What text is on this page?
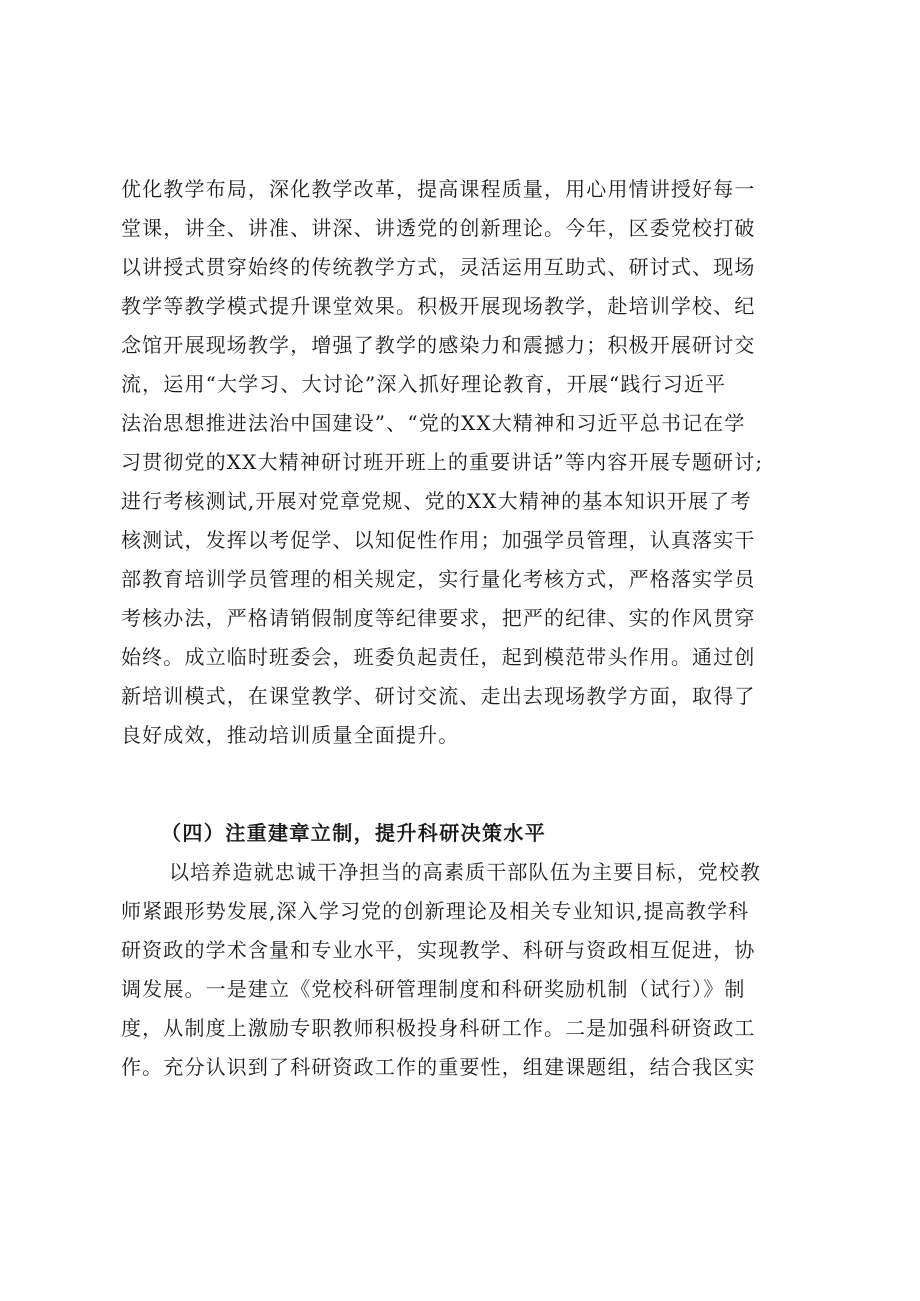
优化教学布局，深化教学改革，提高课程质量，用心用情讲授好每一
堂课，讲全、讲准、讲深、讲透党的创新理论。今年，区委党校打破
以讲授式贯穿始终的传统教学方式，灵活运用互助式、研讨式、现场
教学等教学模式提升课堂效果。积极开展现场教学，赴培训学校、纪
念馆开展现场教学，增强了教学的感染力和震撼力；积极开展研讨交
流，运用“大学习、大讨论”深入抓好理论教育，开展“践行习近平
法治思想推进法治中国建设”、“党的XX大精神和习近平总书记在学
习贯彻党的XX大精神研讨班开班上的重要讲话”等内容开展专题研讨;
进行考核测试,开展对党章党规、党的XX大精神的基本知识开展了考
核测试，发挥以考促学、以知促性作用；加强学员管理，认真落实干
部教育培训学员管理的相关规定，实行量化考核方式，严格落实学员
考核办法，严格请销假制度等纪律要求，把严的纪律、实的作风贯穿
始终。成立临时班委会，班委负起责任，起到模范带头作用。通过创
新培训模式，在课堂教学、研讨交流、走出去现场教学方面，取得了
良好成效，推动培训质量全面提升。
（四）注重建章立制，提升科研决策水平
以培养造就忠诚干净担当的高素质干部队伍为主要目标，党校教
师紧跟形势发展,深入学习党的创新理论及相关专业知识,提高教学科
研资政的学术含量和专业水平，实现教学、科研与资政相互促进，协
调发展。一是建立《党校科研管理制度和科研奖励机制（试行）》制
度，从制度上激励专职教师积极投身科研工作。二是加强科研资政工
作。充分认识到了科研资政工作的重要性，组建课题组，结合我区实
